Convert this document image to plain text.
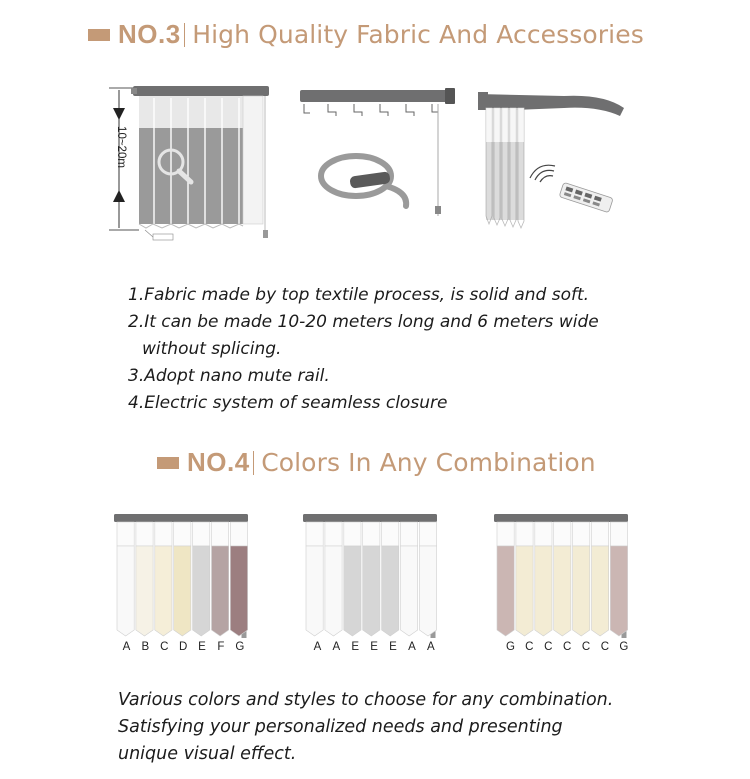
NO.3 High Quality Fabric And Accessories
10~20m
1.Fabric made by top textile process, is solid and soft.
2.It can be made 10-20 meters long and 6 meters wide
without splicing.
3.Adopt nano mute rail.
4.Electric system of seamless closure
NO.4 Colors In Any Combination
A B C D E	F G	A A E E E A A	G C C C C C G
Various colors and styles to choose for any combination.
Satisfying your personalized needs and presenting
unique visual effect.
